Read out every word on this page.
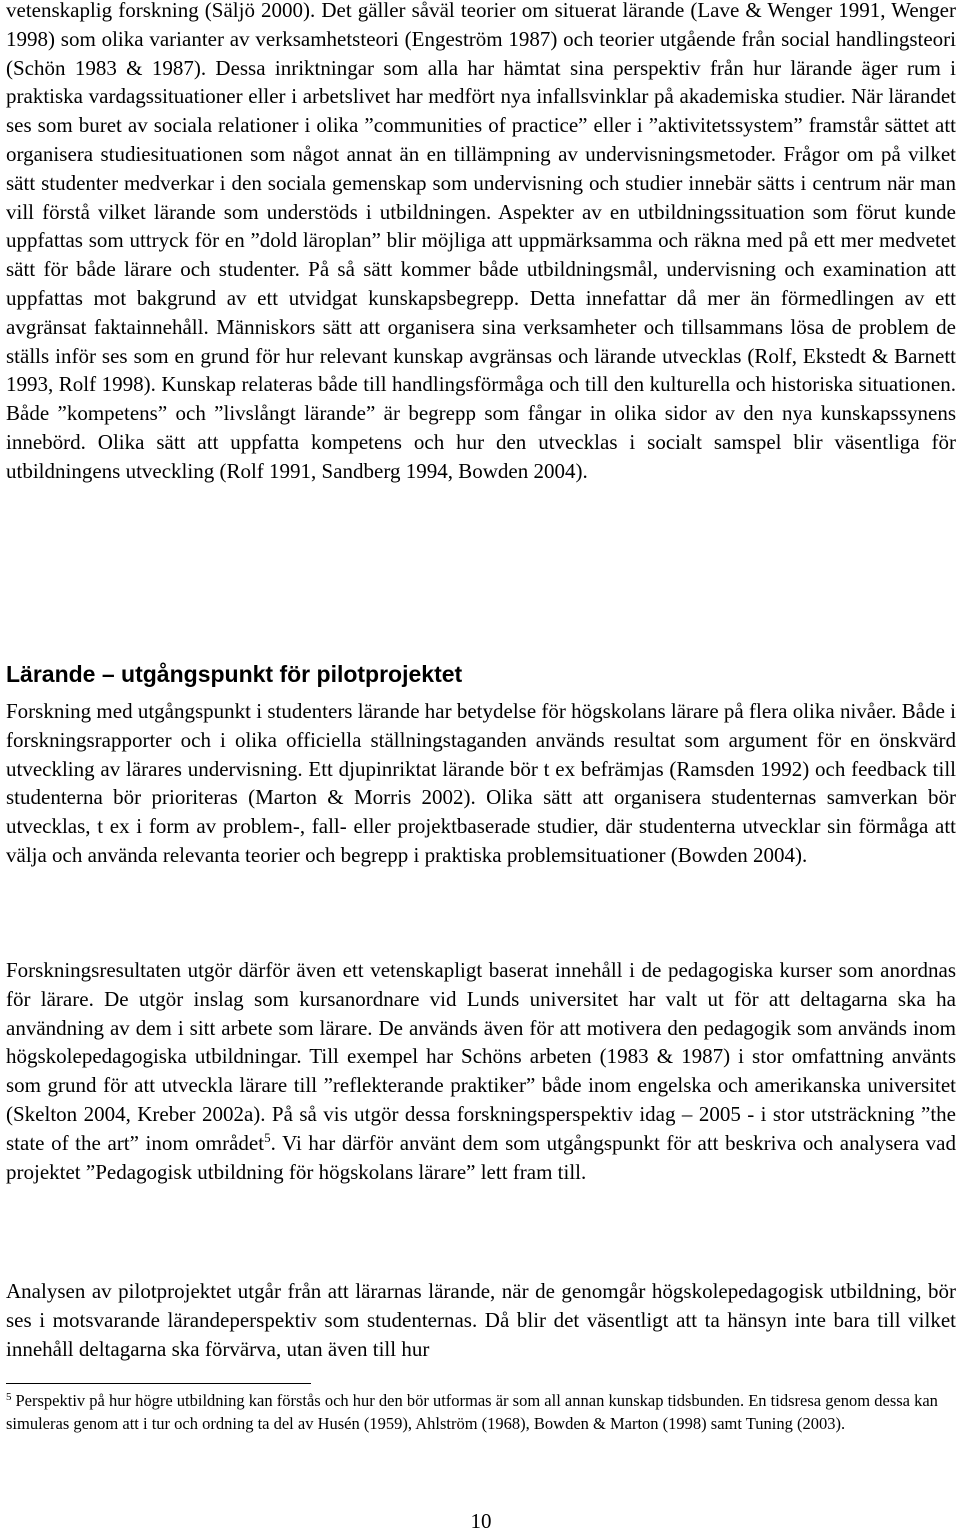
vetenskaplig forskning (Säljö 2000). Det gäller såväl teorier om situerat lärande (Lave & Wenger 1991, Wenger 1998) som olika varianter av verksamhetsteori (Engeström 1987) och teorier utgående från social handlingsteori (Schön 1983 & 1987). Dessa inriktningar som alla har hämtat sina perspektiv från hur lärande äger rum i praktiska vardagssituationer eller i arbetslivet har medfört nya infallsvinklar på akademiska studier. När lärandet ses som buret av sociala relationer i olika ”communities of practice” eller i ”aktivitetssystem” framstår sättet att organisera studiesituationen som något annat än en tillämpning av undervisningsmetoder. Frågor om på vilket sätt studenter medverkar i den sociala gemenskap som undervisning och studier innebär sätts i centrum när man vill förstå vilket lärande som understöds i utbildningen. Aspekter av en utbildningssituation som förut kunde uppfattas som uttryck för en ”dold läroplan” blir möjliga att uppmärksamma och räkna med på ett mer medvetet sätt för både lärare och studenter. På så sätt kommer både utbildningsmål, undervisning och examination att uppfattas mot bakgrund av ett utvidgat kunskapsbegrepp. Detta innefattar då mer än förmedlingen av ett avgränsat faktainnehåll. Människors sätt att organisera sina verksamheter och tillsammans lösa de problem de ställs inför ses som en grund för hur relevant kunskap avgränsas och lärande utvecklas (Rolf, Ekstedt & Barnett 1993, Rolf 1998). Kunskap relateras både till handlingsförmåga och till den kulturella och historiska situationen. Både ”kompetens” och ”livslångt lärande” är begrepp som fångar in olika sidor av den nya kunskapssynens innebörd. Olika sätt att uppfatta kompetens och hur den utvecklas i socialt samspel blir väsentliga för utbildningens utveckling (Rolf 1991, Sandberg 1994, Bowden 2004).

Lärande – utgångspunkt för pilotprojektet

Forskning med utgångspunkt i studenters lärande har betydelse för högskolans lärare på flera olika nivåer. Både i forskningsrapporter och i olika officiella ställningstaganden används resultat som argument för en önskvärd utveckling av lärares undervisning. Ett djupinriktat lärande bör t ex befrämjas (Ramsden 1992) och feedback till studenterna bör prioriteras (Marton & Morris 2002). Olika sätt att organisera studenternas samverkan bör utvecklas, t ex i form av problem-, fall- eller projektbaserade studier, där studenterna utvecklar sin förmåga att välja och använda relevanta teorier och begrepp i praktiska problemsituationer (Bowden 2004).

Forskningsresultaten utgör därför även ett vetenskapligt baserat innehåll i de pedagogiska kurser som anordnas för lärare. De utgör inslag som kursanordnare vid Lunds universitet har valt ut för att deltagarna ska ha användning av dem i sitt arbete som lärare. De används även för att motivera den pedagogik som används inom högskolepedagogiska utbildningar. Till exempel har Schöns arbeten (1983 & 1987) i stor omfattning använts som grund för att utveckla lärare till ”reflekterande praktiker” både inom engelska och amerikanska universitet (Skelton 2004, Kreber 2002a). På så vis utgör dessa forskningsperspektiv idag – 2005 - i stor utsträckning ”the state of the art” inom området$^5$. Vi har därför använt dem som utgångspunkt för att beskriva och analysera vad projektet ”Pedagogisk utbildning för högskolans lärare” lett fram till.

Analysen av pilotprojektet utgår från att lärarnas lärande, när de genomgår högskolepedagogisk utbildning, bör ses i motsvarande lärandeperspektiv som studenternas. Då blir det väsentligt att ta hänsyn inte bara till vilket innehåll deltagarna ska förvärva, utan även till hur

$^5$ Perspektiv på hur högre utbildning kan förstås och hur den bör utformas är som all annan kunskap tidsbunden. En tidsresa genom dessa kan simuleras genom att i tur och ordning ta del av Husén (1959), Ahlström (1968), Bowden & Marton (1998) samt Tuning (2003).

10
